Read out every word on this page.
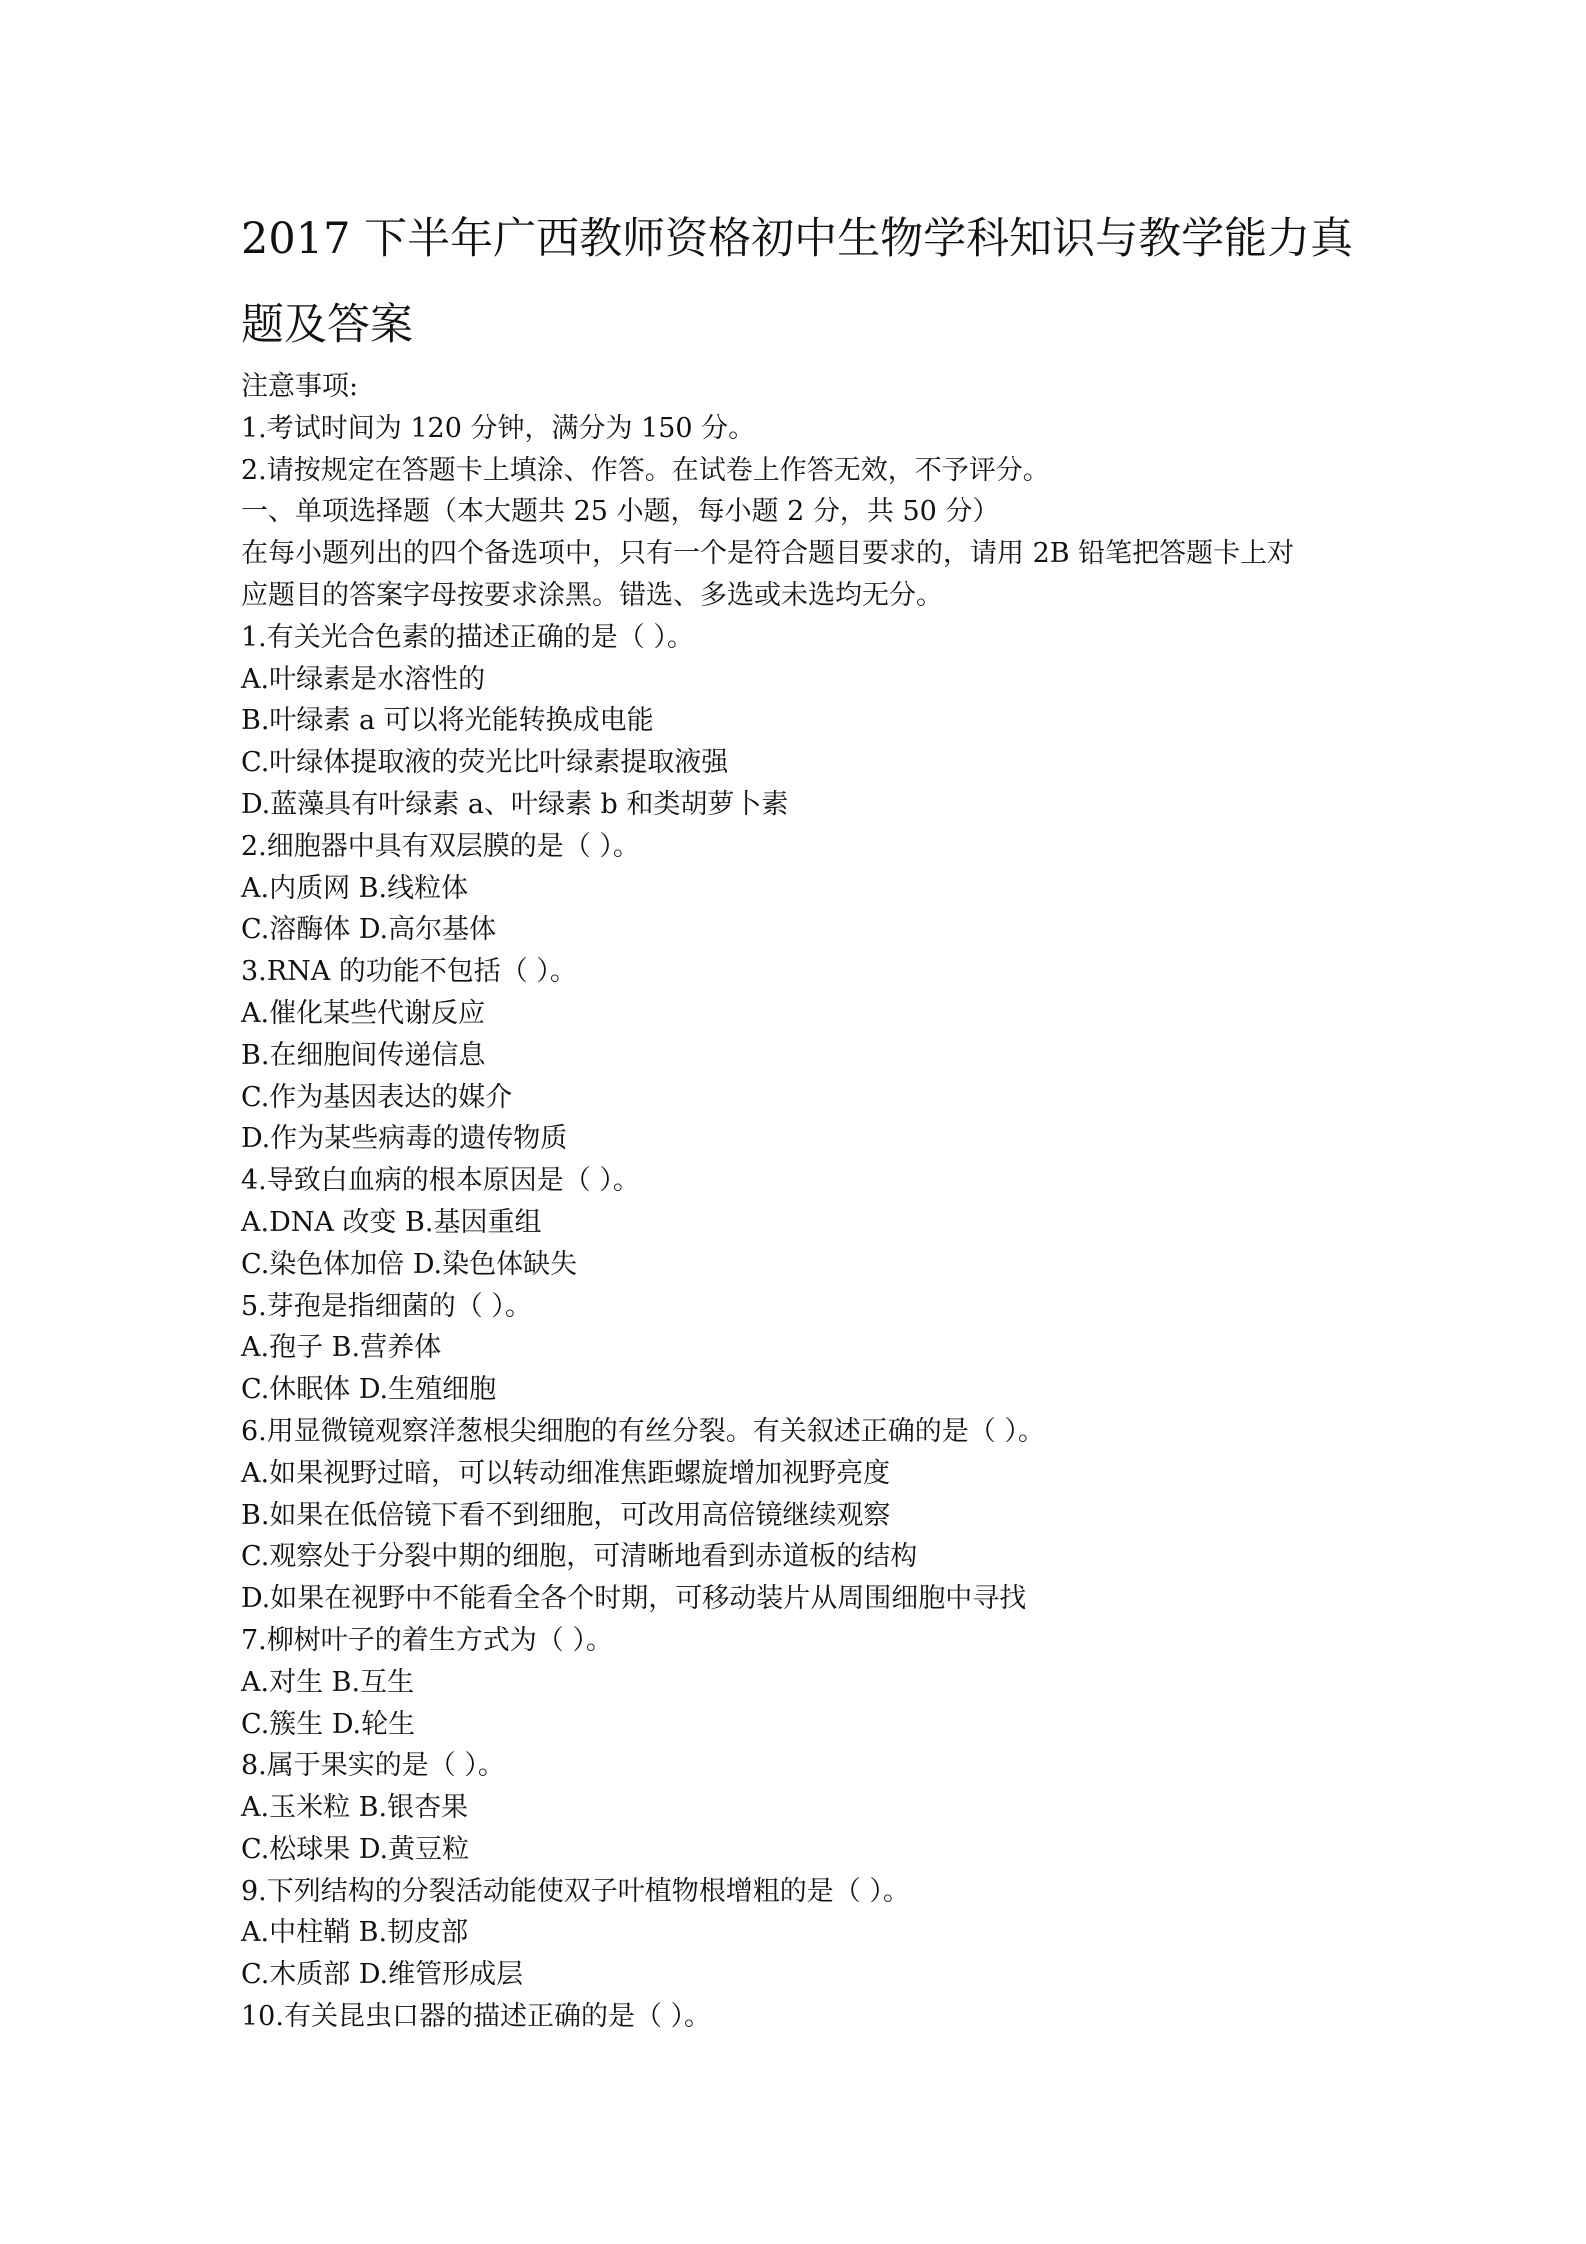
2017 下半年广西教师资格初中生物学科知识与教学能力真
题及答案

注意事项:

1.考试时间为 120 分钟，满分为 150 分。

2.请按规定在答题卡上填涂、作答。在试卷上作答无效，不予评分。

一、单项选择题（本大题共 25 小题，每小题 2 分，共 50 分）

在每小题列出的四个备选项中，只有一个是符合题目要求的，请用 2B 铅笔把答题卡上对

应题目的答案字母按要求涂黑。错选、多选或未选均无分。

1.有关光合色素的描述正确的是（ ）。

A.叶绿素是水溶性的

B.叶绿素 a 可以将光能转换成电能

C.叶绿体提取液的荧光比叶绿素提取液强

D.蓝藻具有叶绿素 a、叶绿素 b 和类胡萝卜素

2.细胞器中具有双层膜的是（ ）。

A.内质网 B.线粒体

C.溶酶体 D.高尔基体

3.RNA 的功能不包括（ ）。

A.催化某些代谢反应

B.在细胞间传递信息

C.作为基因表达的媒介

D.作为某些病毒的遗传物质

4.导致白血病的根本原因是（ ）。

A.DNA 改变 B.基因重组

C.染色体加倍 D.染色体缺失

5.芽孢是指细菌的（ ）。

A.孢子 B.营养体

C.休眠体 D.生殖细胞

6.用显微镜观察洋葱根尖细胞的有丝分裂。有关叙述正确的是（ ）。

A.如果视野过暗，可以转动细准焦距螺旋增加视野亮度

B.如果在低倍镜下看不到细胞，可改用高倍镜继续观察

C.观察处于分裂中期的细胞，可清晰地看到赤道板的结构

D.如果在视野中不能看全各个时期，可移动装片从周围细胞中寻找

7.柳树叶子的着生方式为（ ）。

A.对生 B.互生

C.簇生 D.轮生

8.属于果实的是（ ）。

A.玉米粒 B.银杏果

C.松球果 D.黄豆粒

9.下列结构的分裂活动能使双子叶植物根增粗的是（ ）。

A.中柱鞘 B.韧皮部

C.木质部 D.维管形成层

10.有关昆虫口器的描述正确的是（ ）。
